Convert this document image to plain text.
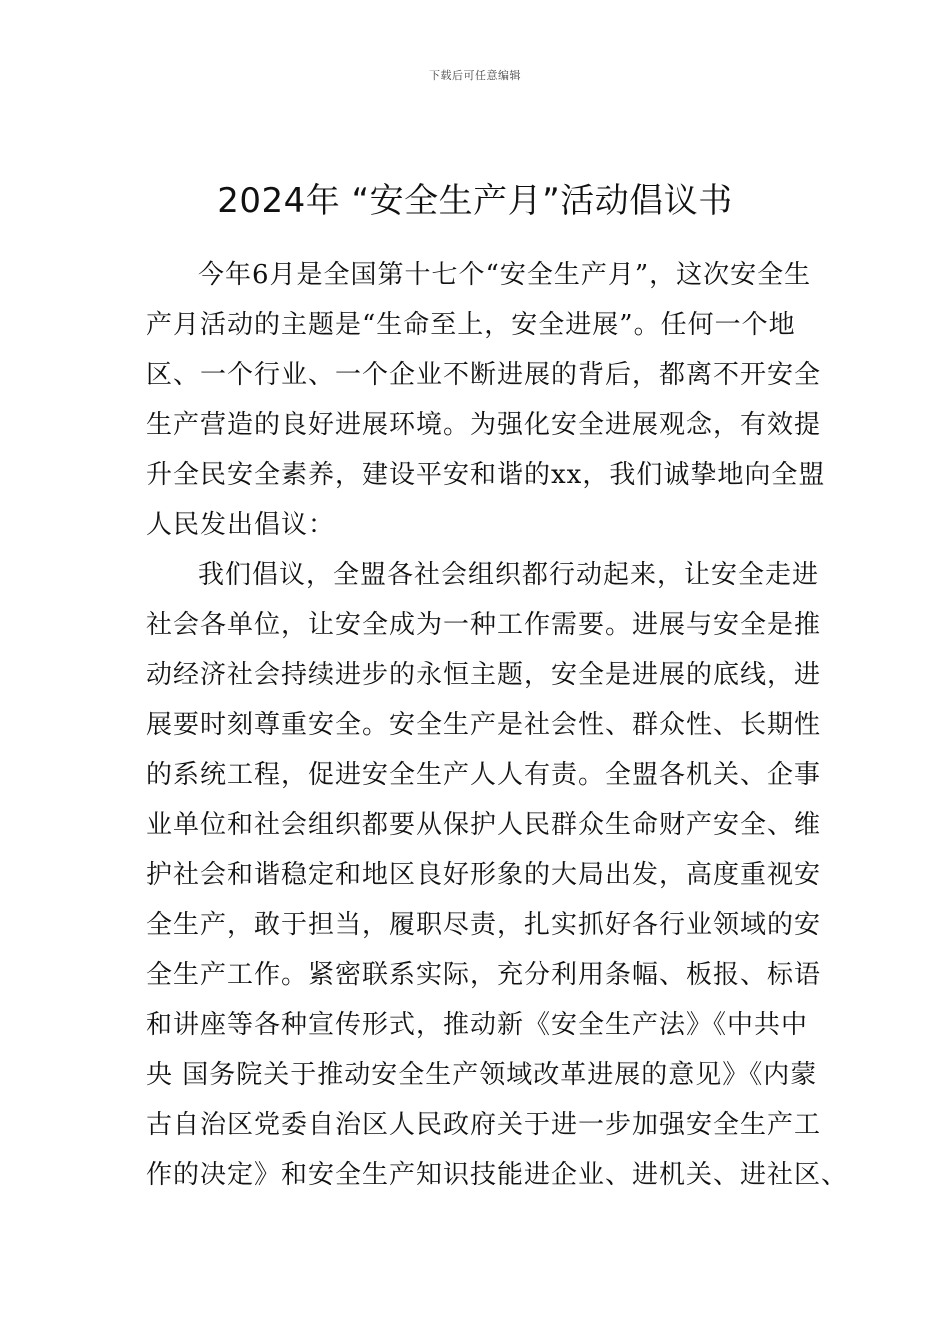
下载后可任意编辑
2024年 “安全生产月”活动倡议书

今年6月是全国第十七个“安全生产月”，这次安全生
产月活动的主题是“生命至上，安全进展”。任何一个地
区、一个行业、一个企业不断进展的背后，都离不开安全
生产营造的良好进展环境。为强化安全进展观念，有效提
升全民安全素养，建设平安和谐的xx，我们诚挚地向全盟
人民发出倡议：

我们倡议，全盟各社会组织都行动起来，让安全走进
社会各单位，让安全成为一种工作需要。进展与安全是推
动经济社会持续进步的永恒主题，安全是进展的底线，进
展要时刻尊重安全。安全生产是社会性、群众性、长期性
的系统工程，促进安全生产人人有责。全盟各机关、企事
业单位和社会组织都要从保护人民群众生命财产安全、维
护社会和谐稳定和地区良好形象的大局出发，高度重视安
全生产，敢于担当，履职尽责，扎实抓好各行业领域的安
全生产工作。紧密联系实际，充分利用条幅、板报、标语
和讲座等各种宣传形式，推动新《安全生产法》《中共中
央 国务院关于推动安全生产领域改革进展的意见》《内蒙
古自治区党委自治区人民政府关于进一步加强安全生产工
作的决定》和安全生产知识技能进企业、进机关、进社区、
